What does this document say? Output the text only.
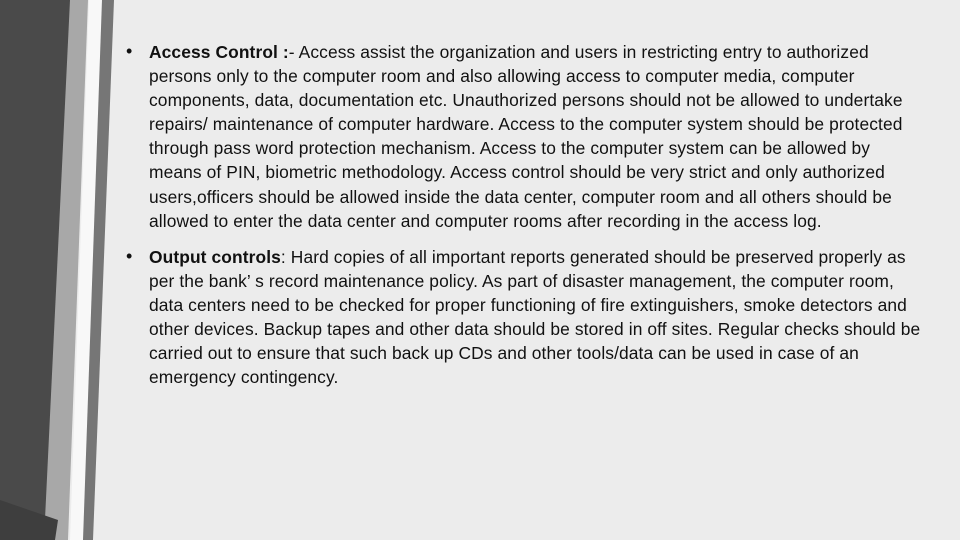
• Access Control :- Access assist the organization and users in restricting entry to authorized persons only to the computer room and also allowing access to computer media, computer components, data, documentation etc. Unauthorized persons should not be allowed to undertake repairs/ maintenance of computer hardware. Access to the computer system should be protected through pass word protection mechanism. Access to the computer system can be allowed by means of PIN, biometric methodology. Access control should be very strict and only authorized users,officers should be allowed inside the data center, computer room and all others should be allowed to enter the data center and computer rooms after recording in the access log.

• Output controls: Hard copies of all important reports generated should be preserved properly as per the bank’ s record maintenance policy. As part of disaster management, the computer room, data centers need to be checked for proper functioning of fire extinguishers, smoke detectors and other devices. Backup tapes and other data should be stored in off sites. Regular checks should be carried out to ensure that such back up CDs and other tools/data can be used in case of an emergency contingency.
